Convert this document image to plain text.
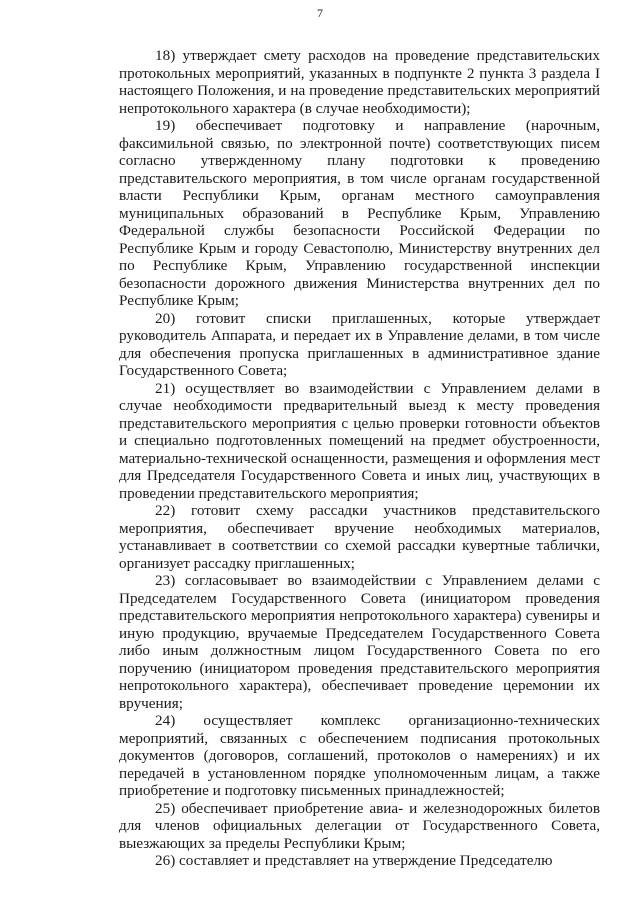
7

18) утверждает смету расходов на проведение представительских протокольных мероприятий, указанных в подпункте 2 пункта 3 раздела I настоящего Положения, и на проведение представительских мероприятий непротокольного характера (в случае необходимости);

19) обеспечивает подготовку и направление (нарочным, факсимильной связью, по электронной почте) соответствующих писем согласно утвержденному плану подготовки к проведению представительского мероприятия, в том числе органам государственной власти Республики Крым, органам местного самоуправления муниципальных образований в Республике Крым, Управлению Федеральной службы безопасности Российской Федерации по Республике Крым и городу Севастополю, Министерству внутренних дел по Республике Крым, Управлению государственной инспекции безопасности дорожного движения Министерства внутренних дел по Республике Крым;

20) готовит списки приглашенных, которые утверждает руководитель Аппарата, и передает их в Управление делами, в том числе для обеспечения пропуска приглашенных в административное здание Государственного Совета;

21) осуществляет во взаимодействии с Управлением делами в случае необходимости предварительный выезд к месту проведения представительского мероприятия с целью проверки готовности объектов и специально подготовленных помещений на предмет обустроенности, материально-технической оснащенности, размещения и оформления мест для Председателя Государственного Совета и иных лиц, участвующих в проведении представительского мероприятия;

22) готовит схему рассадки участников представительского мероприятия, обеспечивает вручение необходимых материалов, устанавливает в соответствии со схемой рассадки кувертные таблички, организует рассадку приглашенных;

23) согласовывает во взаимодействии с Управлением делами с Председателем Государственного Совета (инициатором проведения представительского мероприятия непротокольного характера) сувениры и иную продукцию, вручаемые Председателем Государственного Совета либо иным должностным лицом Государственного Совета по его поручению (инициатором проведения представительского мероприятия непротокольного характера), обеспечивает проведение церемонии их вручения;

24) осуществляет комплекс организационно-технических мероприятий, связанных с обеспечением подписания протокольных документов (договоров, соглашений, протоколов о намерениях) и их передачей в установленном порядке уполномоченным лицам, а также приобретение и подготовку письменных принадлежностей;

25) обеспечивает приобретение авиа- и железнодорожных билетов для членов официальных делегации от Государственного Совета, выезжающих за пределы Республики Крым;

26) составляет и представляет на утверждение Председателю
